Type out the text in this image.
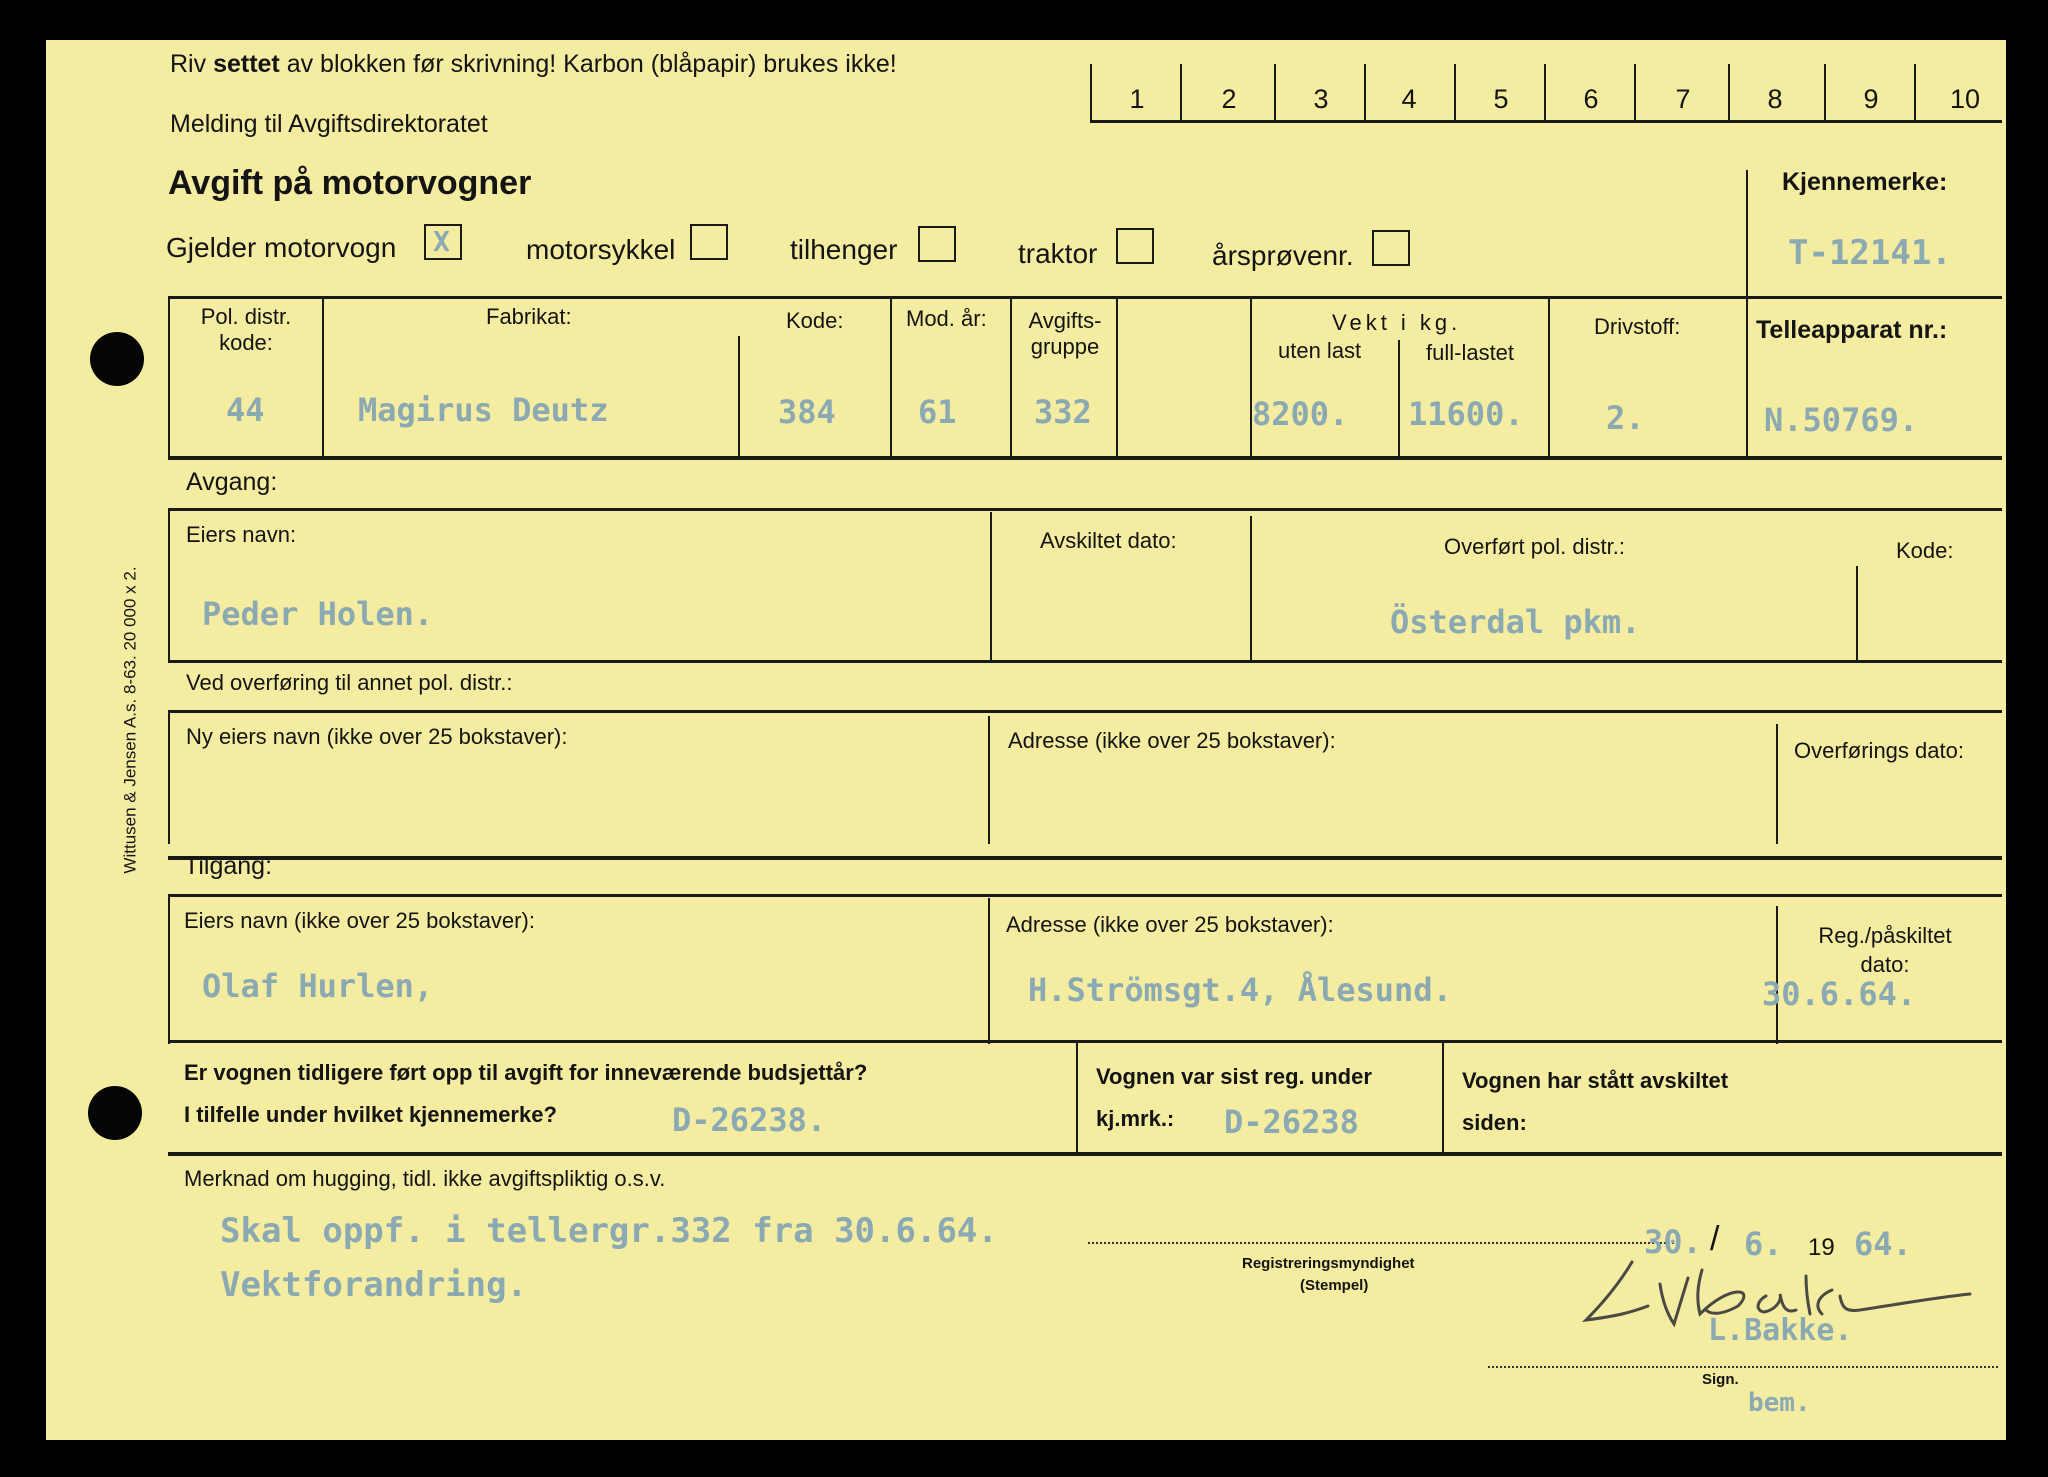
Wittusen & Jensen A.s. 8-63. 20 000 x 2.
Riv settet av blokken før skrivning! Karbon (blåpapir) brukes ikke!
Melding til Avgiftsdirektoratet
Avgift på motorvogner
1	2	3	4	5	6	7	8	9	10
Gjelder motorvogn X	motorsykkel	tilhenger	traktor	årsprøvenr.
Kjennemerke:
T-12141.
Pol. distr. kode:
44
Fabrikat:
Magirus Deutz
Kode:
384
Mod. år:
61
Avgifts- gruppe
332
Vekt i kg.
uten last	full-lastet
8200. 11600.
Drivstoff:
2.
Telleapparat nr.:
N.50769.
Avgang:
Eiers navn:
Peder Holen.
Avskiltet dato:	Overført pol. distr.:
Österdal pkm.
Kode:
Ved overføring til annet pol. distr.:
Ny eiers navn (ikke over 25 bokstaver):	Adresse (ikke over 25 bokstaver):	Overførings dato:
Tilgang:
Eiers navn (ikke over 25 bokstaver):
Olaf Hurlen,
Adresse (ikke over 25 bokstaver):
H.Strömsgt.4, Ålesund.
Reg./påskiltet dato:
30.6.64.
Er vognen tidligere ført opp til avgift for inneværende budsjettår?
I tilfelle under hvilket kjennemerke?	D-26238.
Vognen var sist reg. under
kj.mrk.: D-26238
Vognen har stått avskiltet
siden:
Merknad om hugging, tidl. ikke avgiftspliktig o.s.v.
Skal oppf. i tellergr.332 fra 30.6.64.
Vektforandring.
Registreringsmyndighet
(Stempel)
30. / 6. 19 64.
L.Bakke.
Sign.
bem.
